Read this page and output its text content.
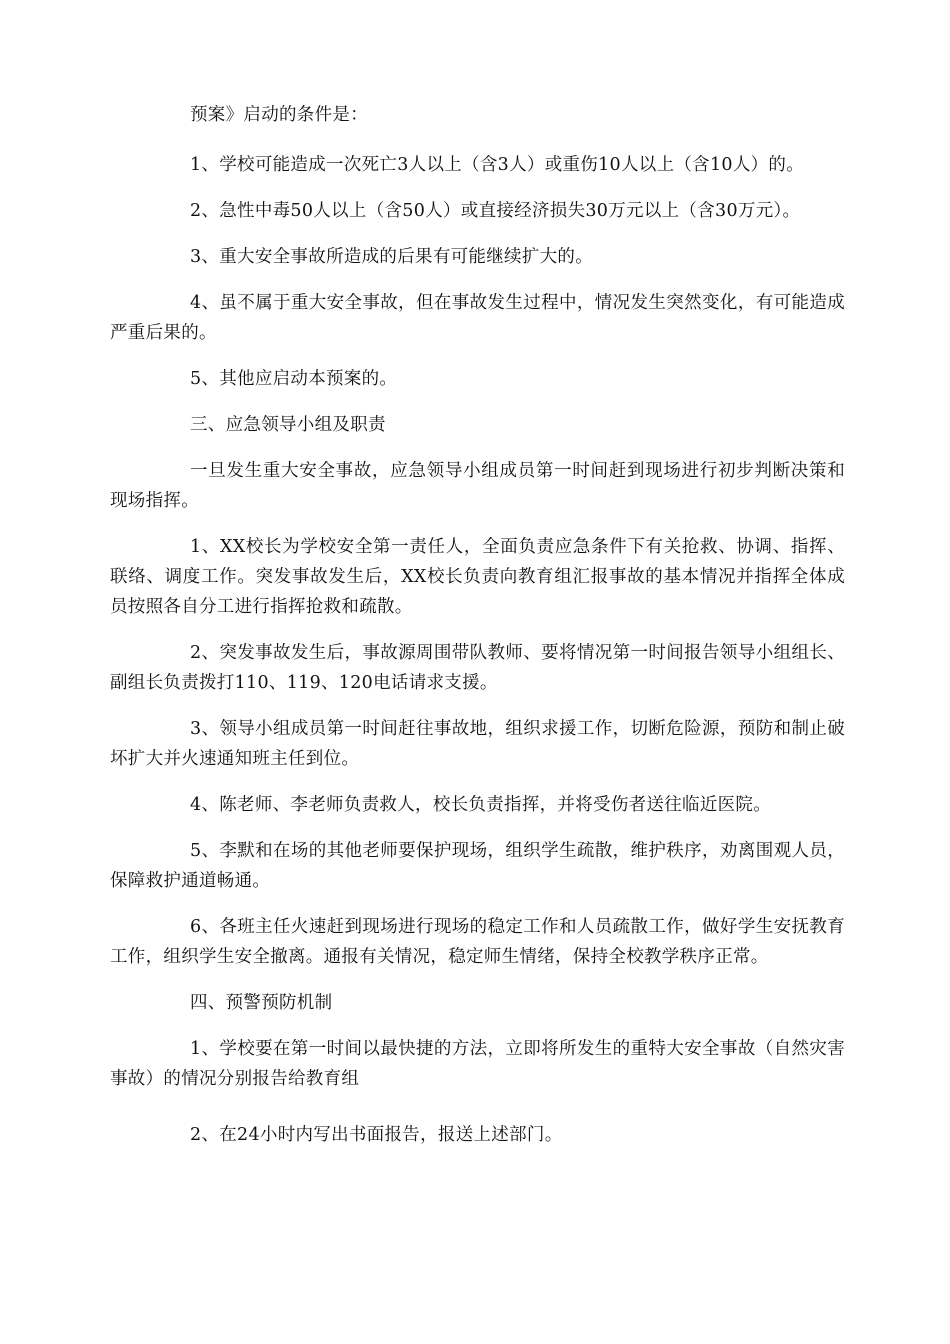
预案》启动的条件是：

1、学校可能造成一次死亡3人以上（含3人）或重伤10人以上（含10人）的。

2、急性中毒50人以上（含50人）或直接经济损失30万元以上（含30万元）。

3、重大安全事故所造成的后果有可能继续扩大的。

4、虽不属于重大安全事故，但在事故发生过程中，情况发生突然变化，有可能造成严重后果的。

5、其他应启动本预案的。

三、应急领导小组及职责

一旦发生重大安全事故，应急领导小组成员第一时间赶到现场进行初步判断决策和现场指挥。

1、XX校长为学校安全第一责任人，全面负责应急条件下有关抢救、协调、指挥、联络、调度工作。突发事故发生后，XX校长负责向教育组汇报事故的基本情况并指挥全体成员按照各自分工进行指挥抢救和疏散。

2、突发事故发生后，事故源周围带队教师、要将情况第一时间报告领导小组组长、副组长负责拨打110、119、120电话请求支援。

3、领导小组成员第一时间赶往事故地，组织求援工作，切断危险源，预防和制止破坏扩大并火速通知班主任到位。

4、陈老师、李老师负责救人，校长负责指挥，并将受伤者送往临近医院。

5、李默和在场的其他老师要保护现场，组织学生疏散，维护秩序，劝离围观人员，保障救护通道畅通。

6、各班主任火速赶到现场进行现场的稳定工作和人员疏散工作，做好学生安抚教育工作，组织学生安全撤离。通报有关情况，稳定师生情绪，保持全校教学秩序正常。

四、预警预防机制

1、学校要在第一时间以最快捷的方法，立即将所发生的重特大安全事故（自然灾害事故）的情况分别报告给教育组

2、在24小时内写出书面报告，报送上述部门。
